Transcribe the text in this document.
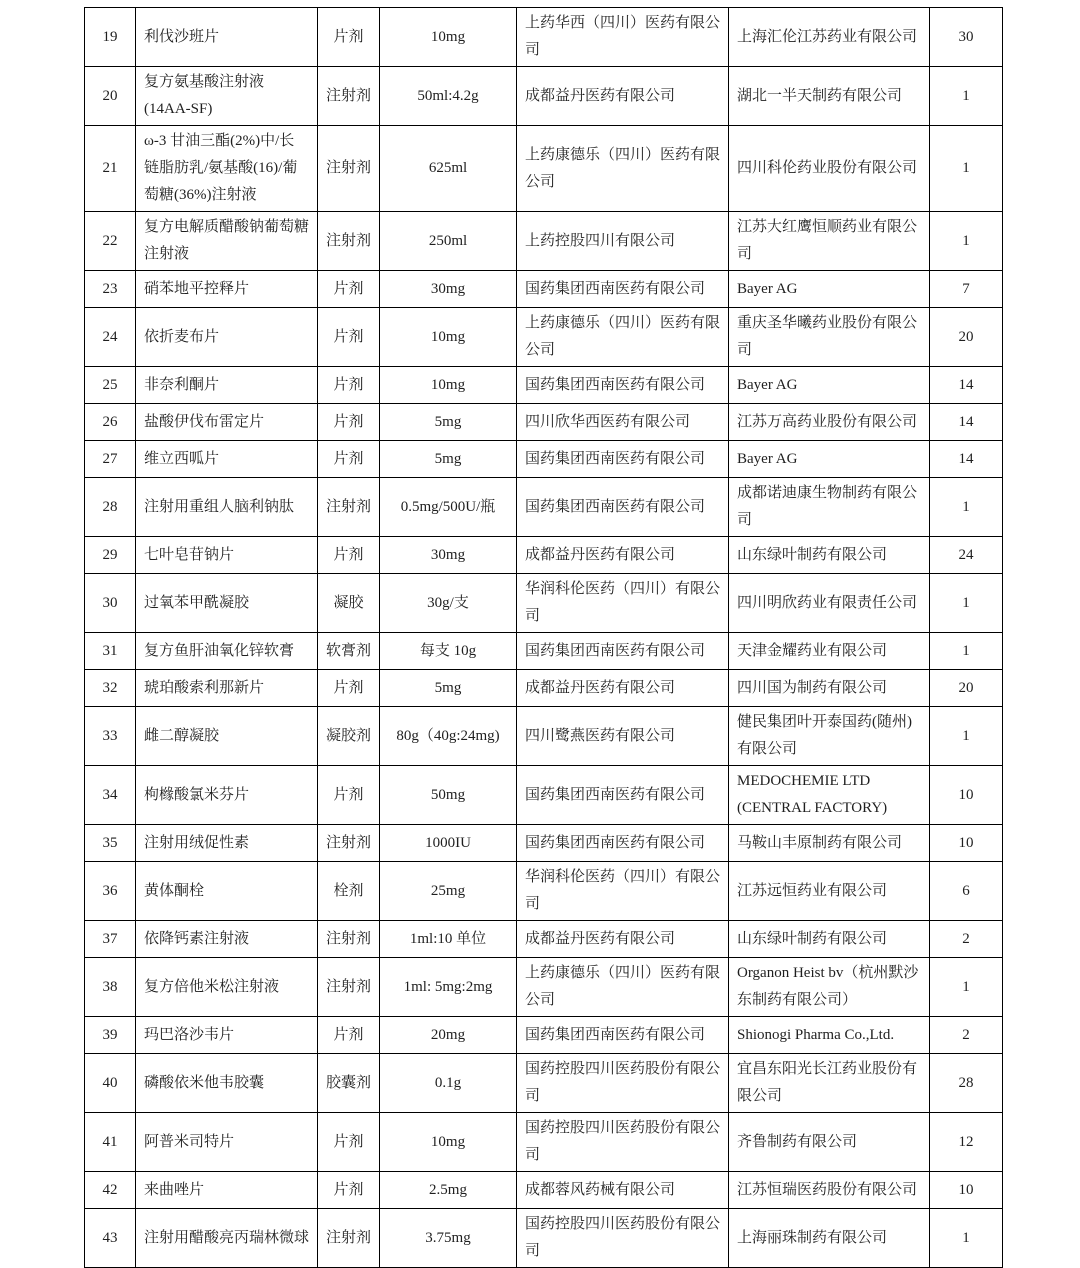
19	利伐沙班片	片剂	10mg	上药华西（四川）医药有限公司	上海汇伦江苏药业有限公司	30
20	复方氨基酸注射液(14AA-SF)	注射剂	50ml:4.2g	成都益丹医药有限公司	湖北一半天制药有限公司	1
21	ω-3 甘油三酯(2%)中/长链脂肪乳/氨基酸(16)/葡萄糖(36%)注射液	注射剂	625ml	上药康德乐（四川）医药有限公司	四川科伦药业股份有限公司	1
22	复方电解质醋酸钠葡萄糖注射液	注射剂	250ml	上药控股四川有限公司	江苏大红鹰恒顺药业有限公司	1
23	硝苯地平控释片	片剂	30mg	国药集团西南医药有限公司	Bayer AG	7
24	依折麦布片	片剂	10mg	上药康德乐（四川）医药有限公司	重庆圣华曦药业股份有限公司	20
25	非奈利酮片	片剂	10mg	国药集团西南医药有限公司	Bayer AG	14
26	盐酸伊伐布雷定片	片剂	5mg	四川欣华西医药有限公司	江苏万高药业股份有限公司	14
27	维立西呱片	片剂	5mg	国药集团西南医药有限公司	Bayer AG	14
28	注射用重组人脑利钠肽	注射剂	0.5mg/500U/瓶	国药集团西南医药有限公司	成都诺迪康生物制药有限公司	1
29	七叶皂苷钠片	片剂	30mg	成都益丹医药有限公司	山东绿叶制药有限公司	24
30	过氧苯甲酰凝胶	凝胶	30g/支	华润科伦医药（四川）有限公司	四川明欣药业有限责任公司	1
31	复方鱼肝油氧化锌软膏	软膏剂	每支 10g	国药集团西南医药有限公司	天津金耀药业有限公司	1
32	琥珀酸索利那新片	片剂	5mg	成都益丹医药有限公司	四川国为制药有限公司	20
33	雌二醇凝胶	凝胶剂	80g（40g:24mg)	四川鹭燕医药有限公司	健民集团叶开泰国药(随州)有限公司	1
34	枸橼酸氯米芬片	片剂	50mg	国药集团西南医药有限公司	MEDOCHEMIE LTD (CENTRAL FACTORY)	10
35	注射用绒促性素	注射剂	1000IU	国药集团西南医药有限公司	马鞍山丰原制药有限公司	10
36	黄体酮栓	栓剂	25mg	华润科伦医药（四川）有限公司	江苏远恒药业有限公司	6
37	依降钙素注射液	注射剂	1ml:10 单位	成都益丹医药有限公司	山东绿叶制药有限公司	2
38	复方倍他米松注射液	注射剂	1ml: 5mg:2mg	上药康德乐（四川）医药有限公司	Organon Heist bv（杭州默沙东制药有限公司）	1
39	玛巴洛沙韦片	片剂	20mg	国药集团西南医药有限公司	Shionogi Pharma Co.,Ltd.	2
40	磷酸依米他韦胶囊	胶囊剂	0.1g	国药控股四川医药股份有限公司	宜昌东阳光长江药业股份有限公司	28
41	阿普米司特片	片剂	10mg	国药控股四川医药股份有限公司	齐鲁制药有限公司	12
42	来曲唑片	片剂	2.5mg	成都蓉风药械有限公司	江苏恒瑞医药股份有限公司	10
43	注射用醋酸亮丙瑞林微球	注射剂	3.75mg	国药控股四川医药股份有限公司	上海丽珠制药有限公司	1
